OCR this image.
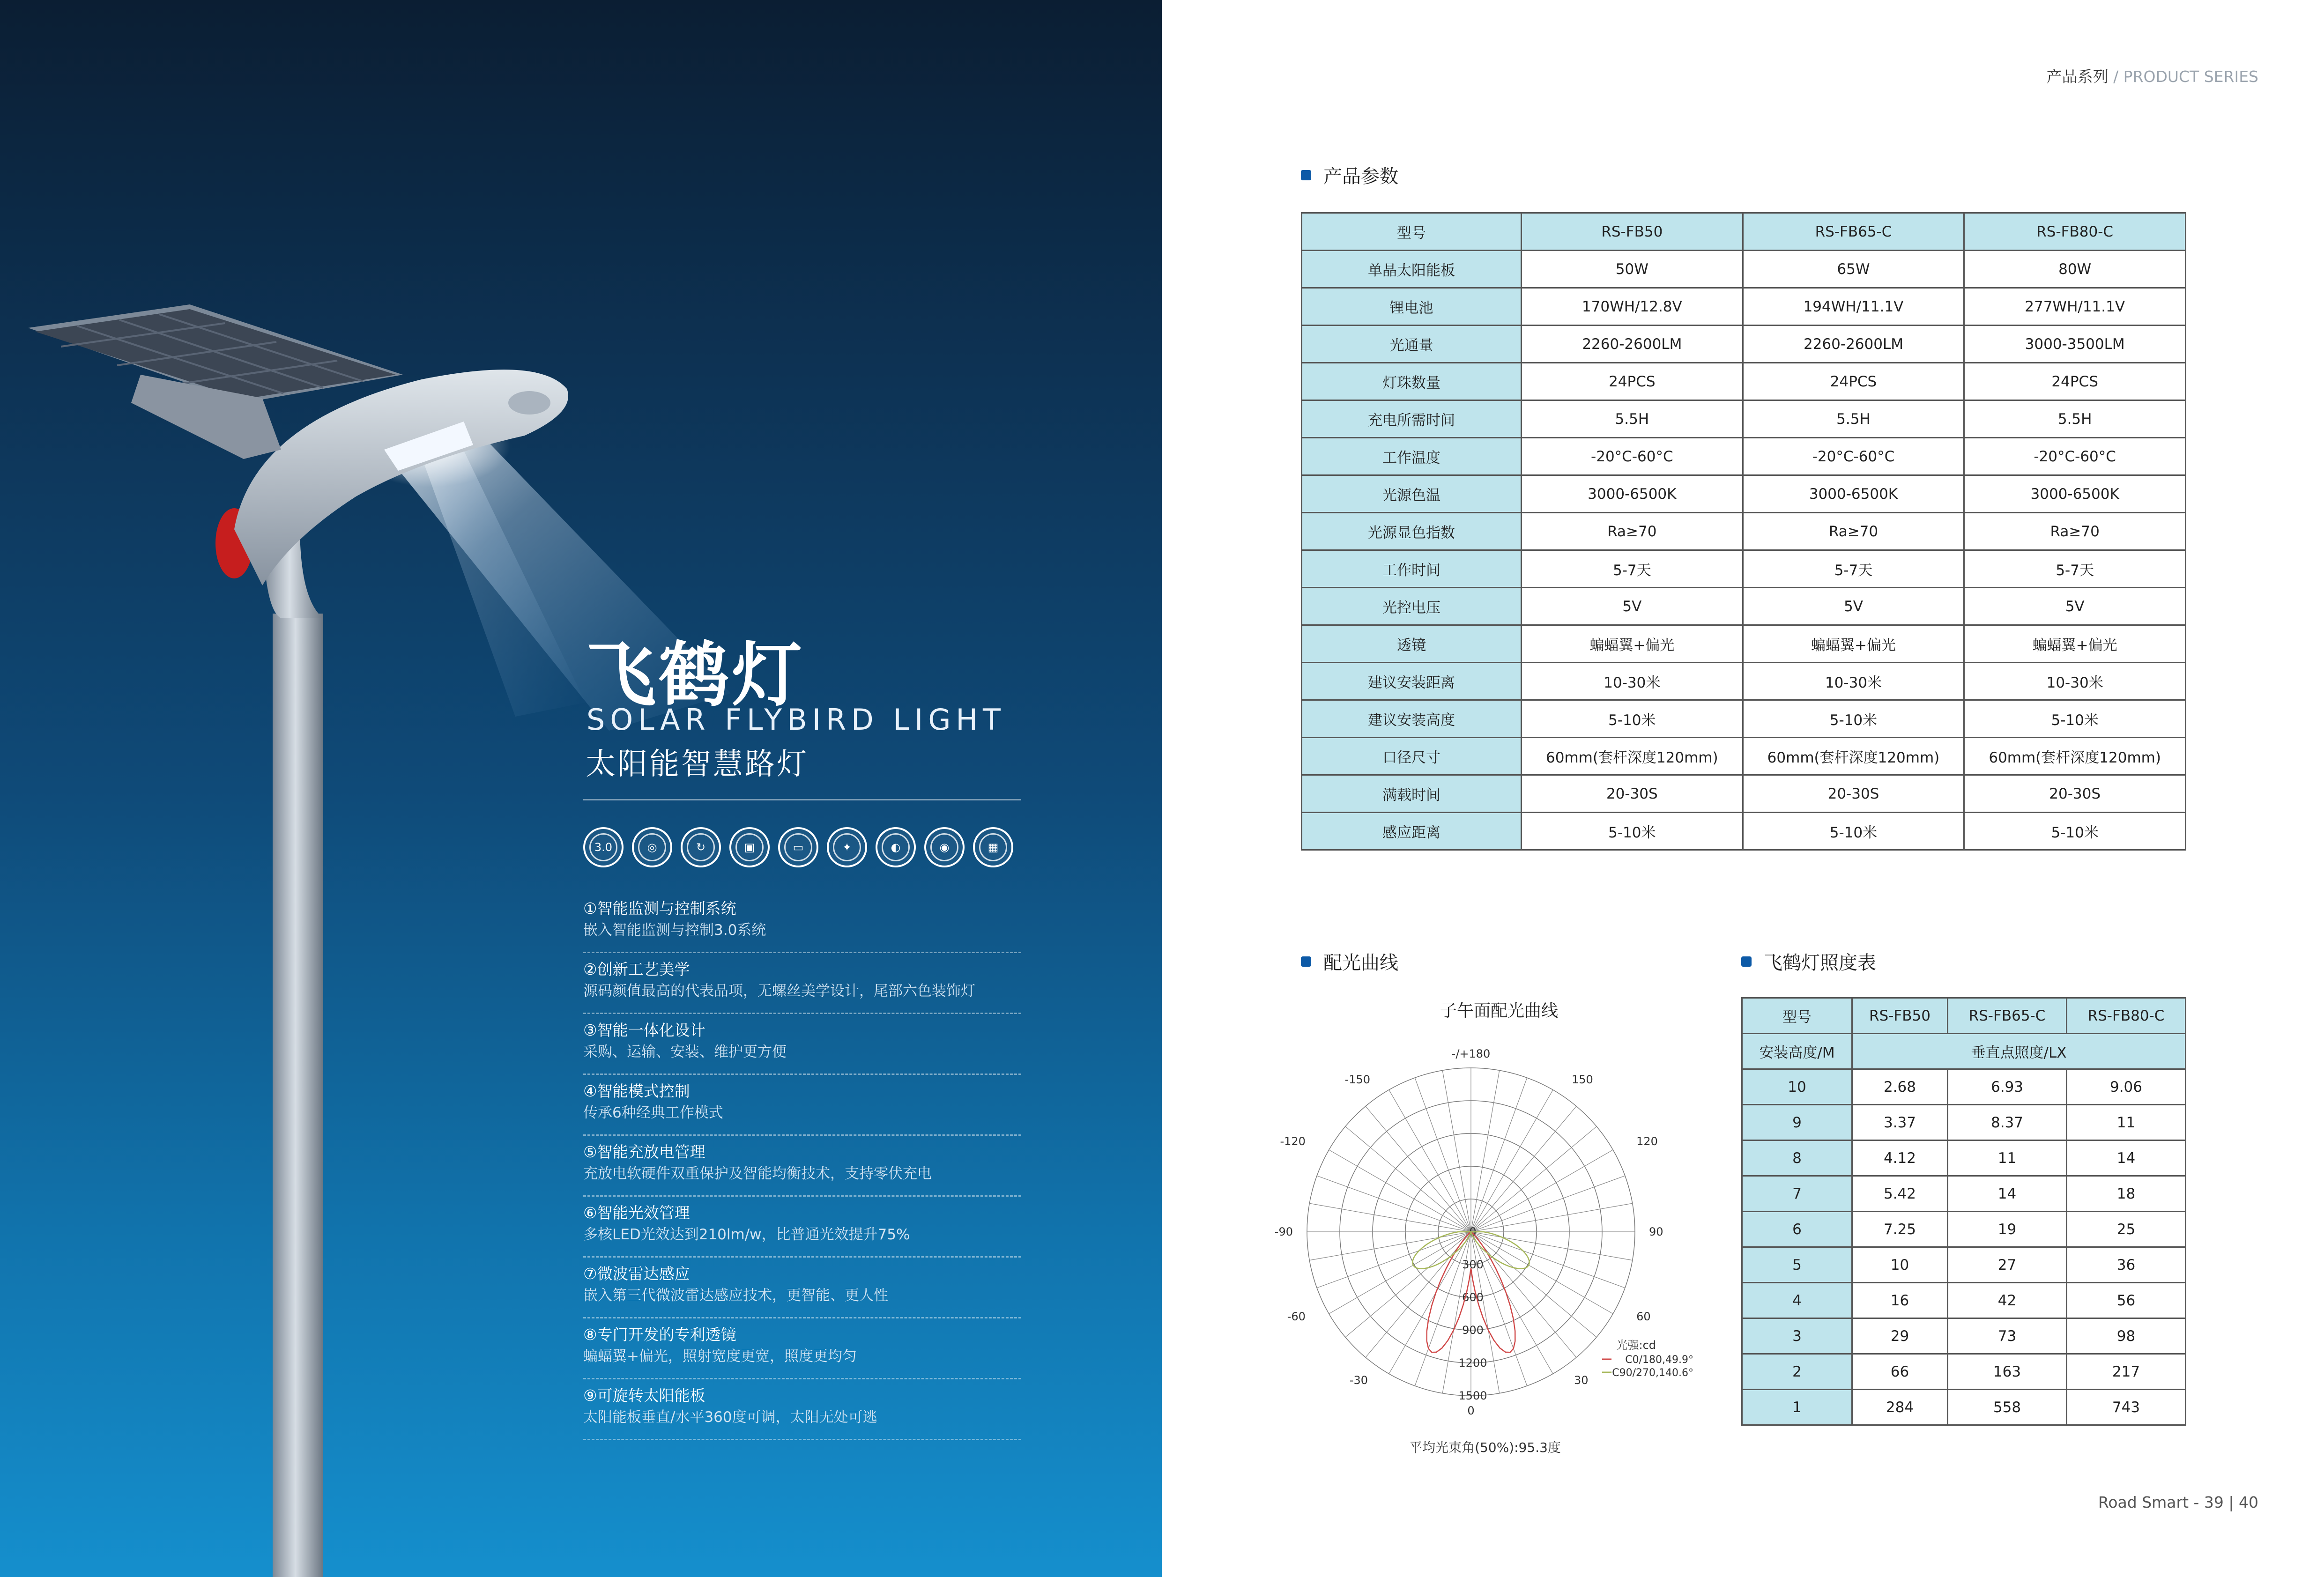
飞鹤灯
SOLAR FLYBIRD LIGHT
太阳能智慧路灯
3.0	◎	↻	▣	▭	✦	◐	◉	▦
①智能监测与控制系统
嵌入智能监测与控制3.0系统
②创新工艺美学
源码颜值最高的代表品项，无螺丝美学设计，尾部六色装饰灯
③智能一体化设计
采购、运输、安装、维护更方便
④智能模式控制
传承6种经典工作模式
⑤智能充放电管理
充放电软硬件双重保护及智能均衡技术，支持零伏充电
⑥智能光效管理
多核LED光效达到210lm/w，比普通光效提升75%
⑦微波雷达感应
嵌入第三代微波雷达感应技术，更智能、更人性
⑧专门开发的专利透镜
蝙蝠翼+偏光，照射宽度更宽，照度更均匀
⑨可旋转太阳能板
太阳能板垂直/水平360度可调，太阳无处可逃
产品系列 / PRODUCT SERIES
产品参数
型号	RS-FB50	RS-FB65-C	RS-FB80-C
单晶太阳能板	50W	65W	80W
锂电池	170WH/12.8V	194WH/11.1V	277WH/11.1V
光通量	2260-2600LM	2260-2600LM	3000-3500LM
灯珠数量	24PCS	24PCS	24PCS
充电所需时间	5.5H	5.5H	5.5H
工作温度	-20°C-60°C	-20°C-60°C	-20°C-60°C
光源色温	3000-6500K	3000-6500K	3000-6500K
光源显色指数	Ra≥70	Ra≥70	Ra≥70
工作时间	5-7天	5-7天	5-7天
光控电压	5V	5V	5V
透镜	蝙蝠翼+偏光	蝙蝠翼+偏光	蝙蝠翼+偏光
建议安装距离	10-30米	10-30米	10-30米
建议安装高度	5-10米	5-10米	5-10米
口径尺寸	60mm(套杆深度120mm)	60mm(套杆深度120mm)	60mm(套杆深度120mm)
满载时间	20-30S	20-30S	20-30S
感应距离	5-10米	5-10米	5-10米
配光曲线
子午面配光曲线
-/+180
150
120
90
60
30
-30
-60
-90
-120
-150
0
300
600
900
1200
1500
0
光强:cd
C0/180,49.9°
C90/270,140.6°
平均光束角(50%):95.3度
飞鹤灯照度表
型号	RS-FB50	RS-FB65-C	RS-FB80-C
安装高度/M	垂直点照度/LX		
10	2.68	6.93	9.06
9	3.37	8.37	11
8	4.12	11	14
7	5.42	14	18
6	7.25	19	25
5	10	27	36
4	16	42	56
3	29	73	98
2	66	163	217
1	284	558	743
Road Smart - 39 | 40
